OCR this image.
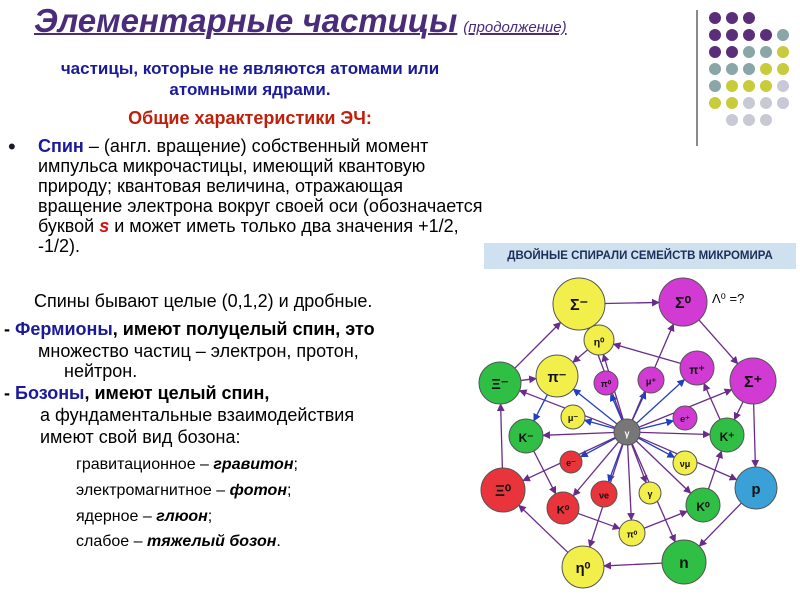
Элементарные частицы (продолжение)
частицы, которые не являются атомами или атомными ядрами.
Общие характеристики ЭЧ:
• Спин – (англ. вращение) собственный момент импульса микрочастицы, имеющий квантовую природу; квантовая величина, отражающая вращение электрона вокруг своей оси (обозначается буквой s и может иметь только два значения +1/2, -1/2).
Спины бывают целые (0,1,2) и дробные.
- Фермионы, имеют полуцелый спин, это
множество частиц – электрон, протон,
нейтрон.
- Бозоны, имеют целый спин,
а фундаментальные взаимодействия
имеют свой вид бозона:
гравитационное – гравитон;
электромагнитное – фотон;
ядерное – глюон;
слабое – тяжелый бозон.
ДВОЙНЫЕ СПИРАЛИ СЕМЕЙСТВ МИКРОМИРА
Σ⁻	Σ⁰
η⁰
π⁻	π⁰	μ⁺
π⁺
Σ⁺
Ξ⁻
μ⁻
γ
e⁺
K⁻
e⁻	νμ
K⁺
Ξ⁰
K⁰
νe	γ
K⁰
p
π⁰
η⁰	n
Λ⁰ =?
